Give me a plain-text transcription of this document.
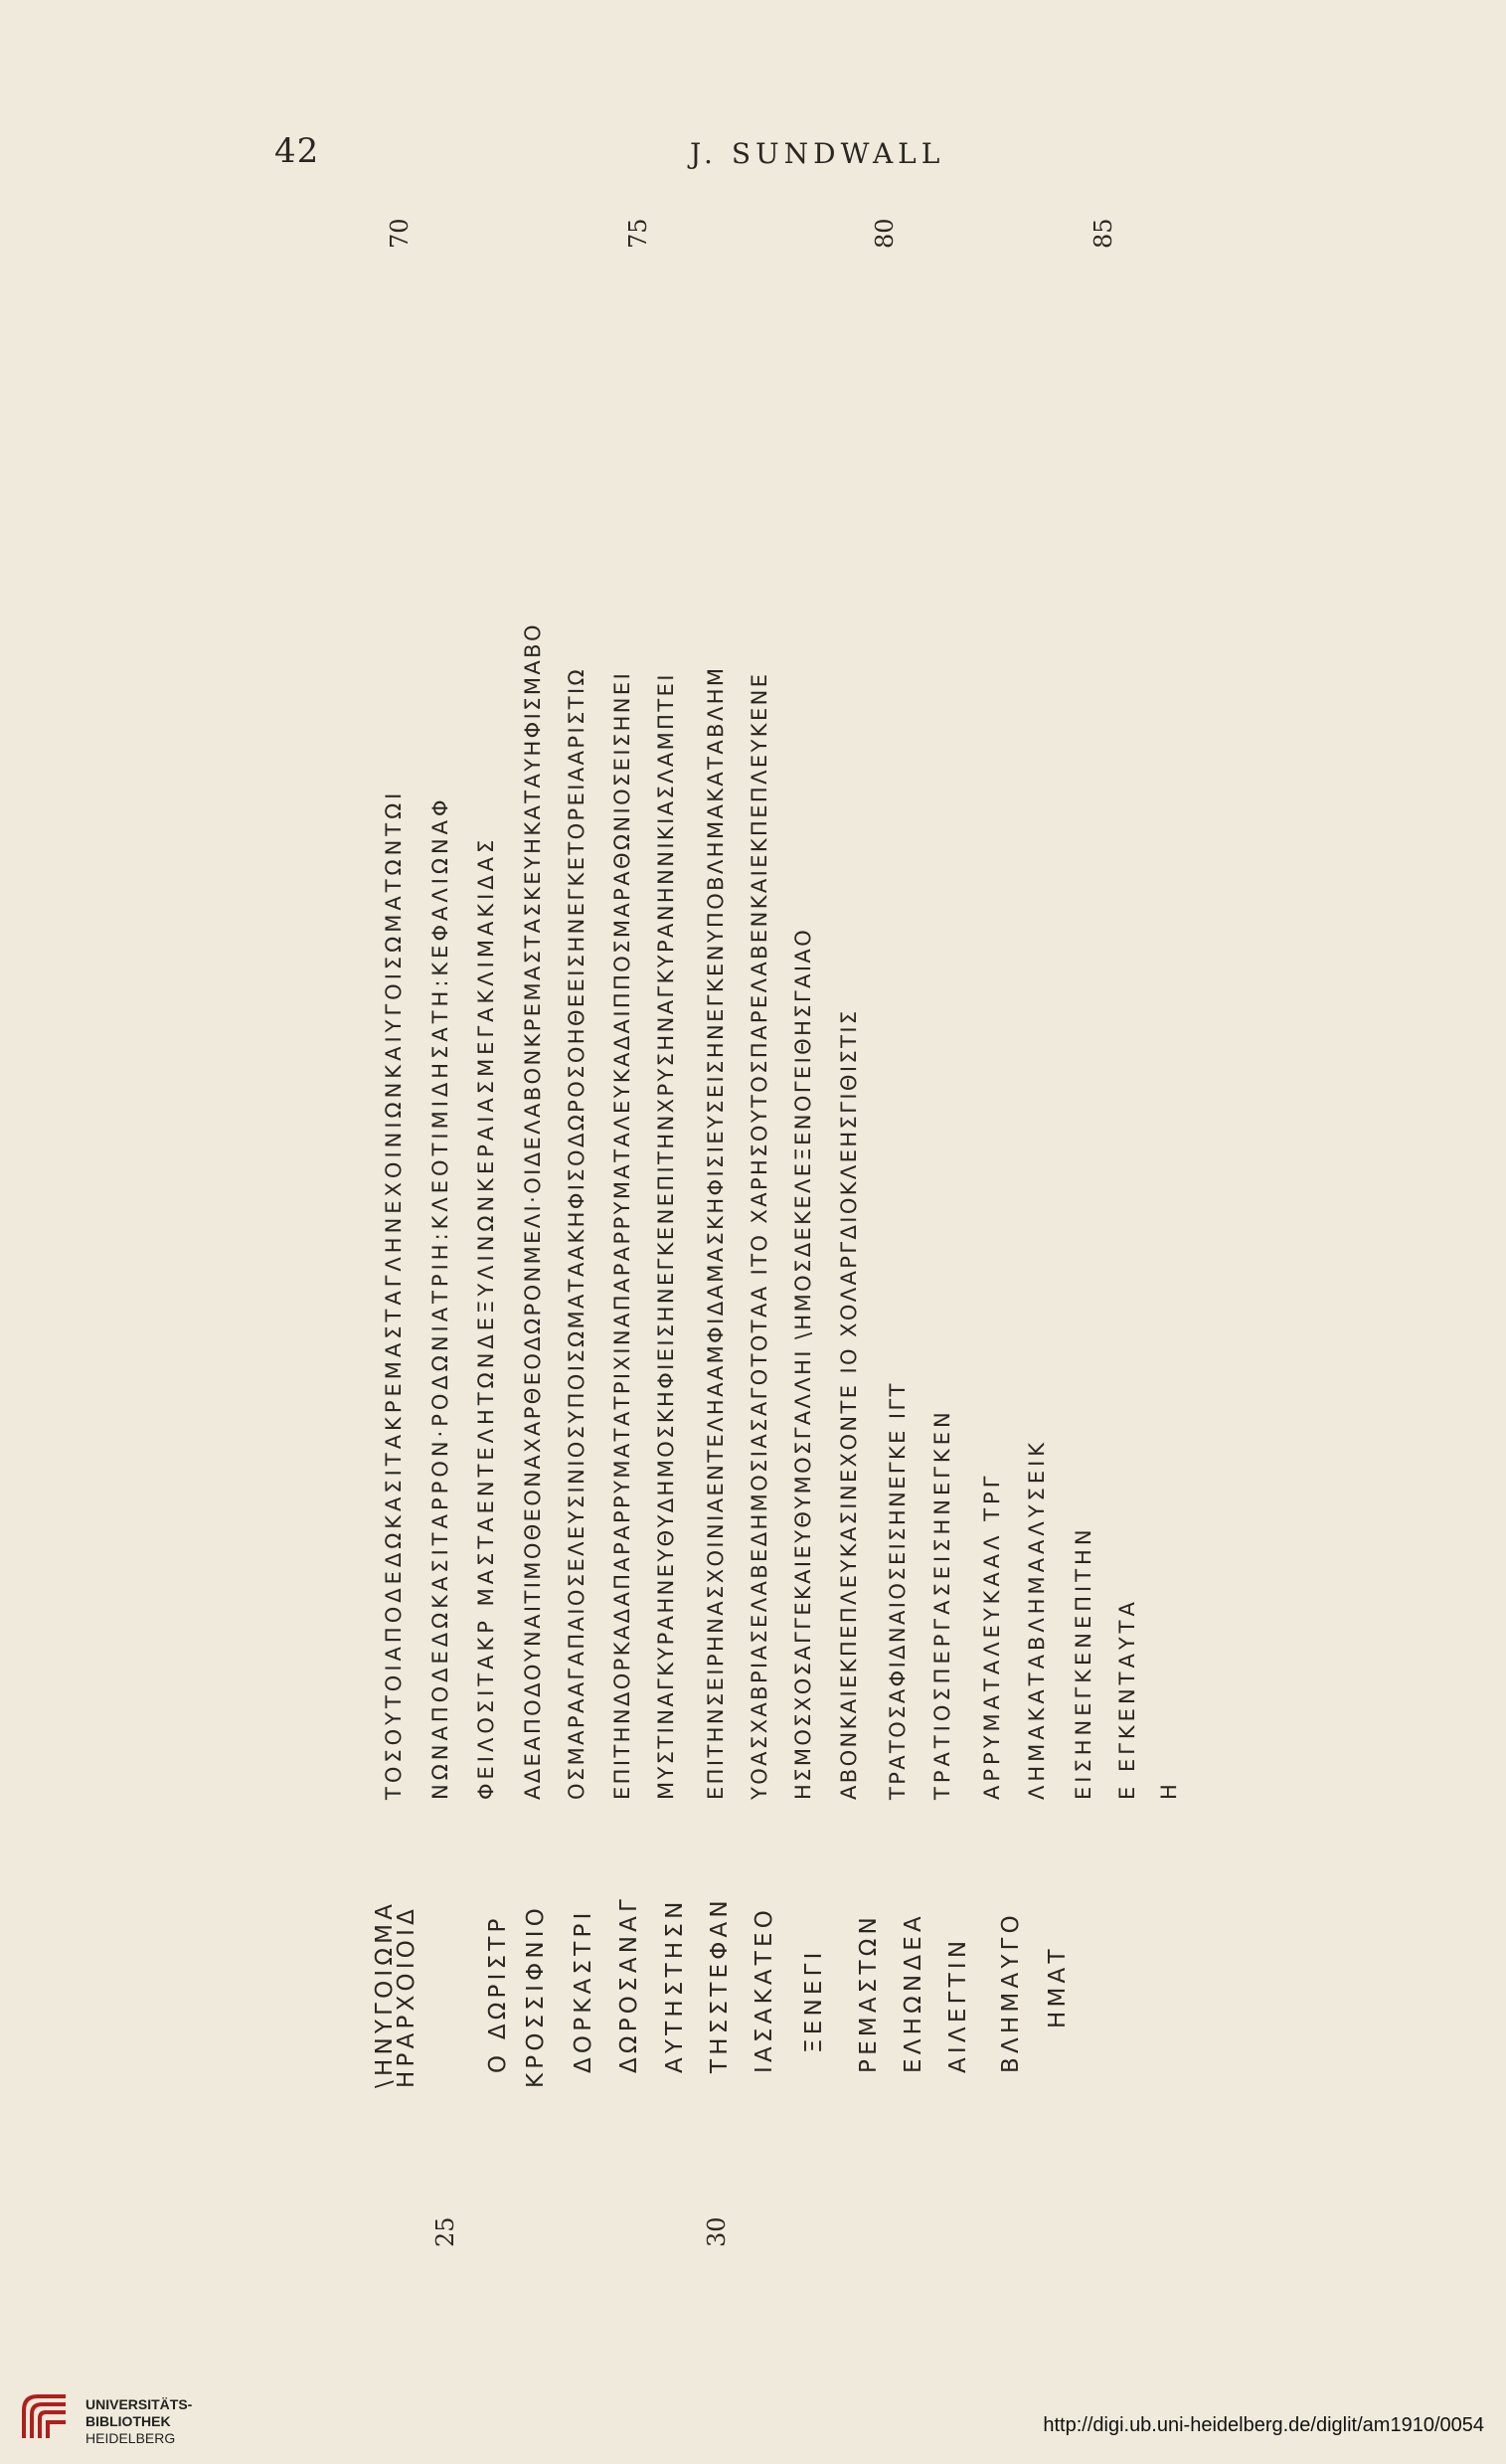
42	J. SUNDWALL
\ΗΝΥΓΟΙΩΜΑ
ΗΡΑΡΧΟΙΟΙΔ	Ο ΔΩΡΙΣΤΡ ΚΡΟΣΣΙΦΝΙΟ ΔΟΡΚΑΣΤΡΙ ΔΩΡΟΣΑΝΑΓ ΑΥΤΗΣΤΗΣΝ ΤΗΣΣΤΕΦΑΝ ΙΑΣΑΚΑΤΕΟ ΞΕΝΕΓΙ ΡΕΜΑΣΤΩΝ ΕΛΗΩΝΔΕΑ ΑΙΛΕΓΤΙΝ ΒΛΗΜΑΥΓΟ ΗΜΑΤ
ΤΟΣΟΥΤΟΙΑΠΟΔΕΔΩΚΑΣΙΤΑΚΡΕΜΑΣΤΑΓΛΗΝΕΧΟΙΝΙΩΝΚΑΙΥΓΟΙΣΩΜΑΤΩΝΤΩΙ ΝΩΝΑΠΟΔΕΔΩΚΑΣΙΤΑΡΡΟΝ·ΡΟΔΩΝΙΑΤΡΙΗ:ΚΛΕΟΤΙΜΙΔΗΣΑΤΗ:ΚΕΦΑΛΙΩΝΑΦ ΦΕΙΛΟΣΙΤΑΚΡ ΜΑΣΤΑΕΝΤΕΛΗΤΩΝΔΕΞΥΛΙΝΩΝΚΕΡΑΙΑΣΜΕΓΑΚΛΙΜΑΚΙΔΑΣ ΑΔΕΑΠΟΔΟΥΝΑΙΤΙΜΟΘΕΟΝΑΧΑΡΘΕΟΔΩΡΟΝΜΕΛΙ·ΟΙΔΕΛΑΒΟΝΚΡΕΜΑΣΤΑΣΚΕΥΗΚΑΤΑΥΗΦΙΣΜΑΒΟ ΟΣΜΑΡΑΑΓΑΠΑΙΟΣΕΛΕΥΣΙΝΙΟΣΥΠΟΙΣΩΜΑΤΑΑΚΗΦΙΣΟΔΩΡΟΣΟΗΘΕΕΙΣΗΝΕΓΚΕΤΟΡΕΙΑΑΡΙΣΤΙΩ ΕΠΙΤΗΝΔΟΡΚΑΔΑΠΑΡΑΡΡΥΜΑΤΑΤΡΙΧΙΝΑΠΑΡΑΡΡΥΜΑΤΑΛΕΥΚΑΔΑΙΠΠΟΣΜΑΡΑΘΩΝΙΟΣΕΙΣΗΝΕΙ ΜΥΣΤΙΝΑΓΚΥΡΑΗΝΕΥΘΥΔΗΜΟΣΚΗΦΙΕΙΣΗΝΕΓΚΕΝΕΠΙΤΗΝΧΡΥΣΗΝΑΓΚΥΡΑΝΗΝΝΙΚΙΑΣΛΑΜΠΤΕΙ ΕΠΙΤΗΝΣΕΙΡΗΝΑΣΧΟΙΝΙΑΕΝΤΕΛΗΑΑΜΦΙΔΑΜΑΣΚΗΦΙΣΙΕΥΣΕΙΣΗΝΕΓΚΕΝΥΠΟΒΛΗΜΑΚΑΤΑΒΛΗΜ ΥΟΑΣΧΑΒΡΙΑΣΕΛΑΒΕΔΗΜΟΣΙΑΣΑΓΟΤΟΤΑΑ ΙΤΟ ΧΑΡΗΣΟΥΤΟΣΠΑΡΕΛΑΒΕΝΚΑΙΕΚΠΕΠΛΕΥΚΕΝΕ ΗΣΜΟΣΧΟΣΑΓΓΕΚΑΙΕΥΘΥΜΟΣΓΑΛΛΗΙ \ΗΜΟΣΔΕΚΕΛΕΞΕΝΟΓΕΙΘΗΣΓΑΙΑΟ ΑΒΟΝΚΑΙΕΚΠΕΠΛΕΥΚΑΣΙΝΕΧΟΝΤΕ ΙΟ ΧΟΛΑΡΓΔΙΟΚΛΕΗΣΓΙΘΙΣΤΙΣ ΤΡΑΤΟΣΑΦΙΔΝΑΙΟΣΕΙΣΗΝΕΓΚΕ ΙΓΤ ΤΡΑΤΙΟΣΠΕΡΓΑΣΕΙΣΗΝΕΓΚΕΝ ΑΡΡΥΜΑΤΑΛΕΥΚΑΑΛ ΤΡΓ ΛΗΜΑΚΑΤΑΒΛΗΜΑΑΛΥΣΕΙΚ ΕΙΣΗΝΕΓΚΕΝΕΠΙΤΗΝ Ε ΕΓΚΕΝΤΑΥΤΑ Η
70
25
75
30
80	85
UNIVERSITÄTS-
BIBLIOTHEK
HEIDELBERG
http://digi.ub.uni-heidelberg.de/diglit/am1910/0054
